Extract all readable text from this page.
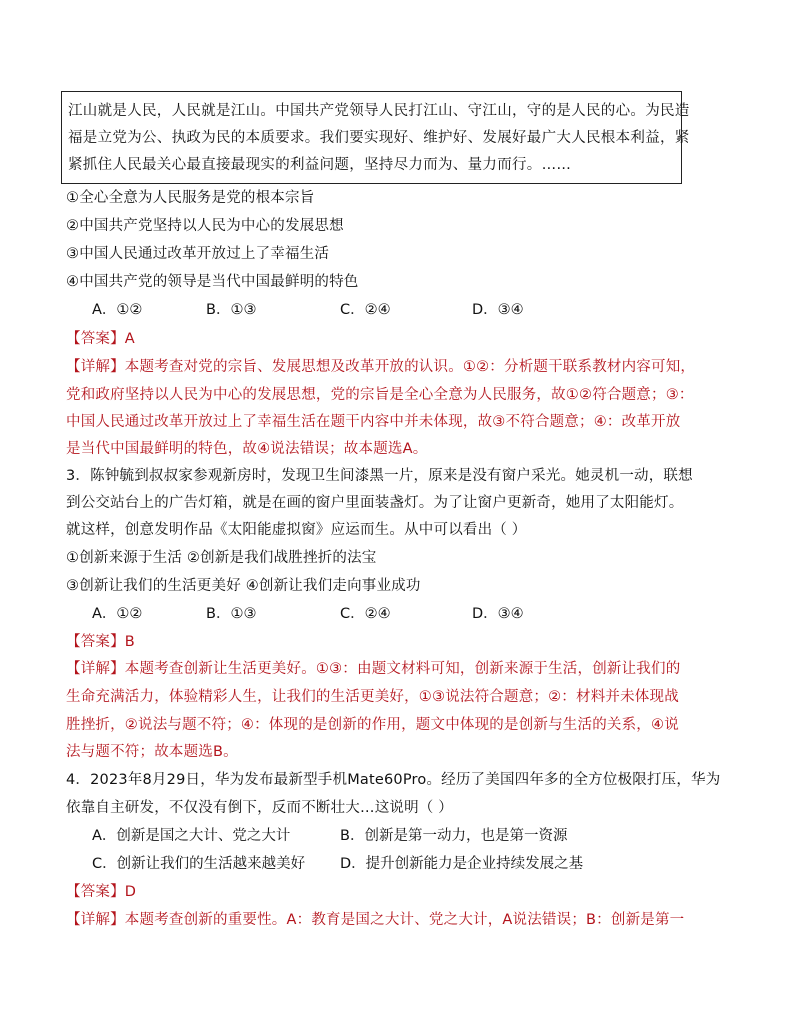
江山就是人民，人民就是江山。中国共产党领导人民打江山、守江山，守的是人民的心。为民造
福是立党为公、执政为民的本质要求。我们要实现好、维护好、发展好最广大人民根本利益，紧
紧抓住人民最关心最直接最现实的利益问题，坚持尽力而为、量力而行。……
①全心全意为人民服务是党的根本宗旨
②中国共产党坚持以人民为中心的发展思想
③中国人民通过改革开放过上了幸福生活
④中国共产党的领导是当代中国最鲜明的特色
A．①②	B．①③	C．②④	D．③④
【答案】A
【详解】本题考查对党的宗旨、发展思想及改革开放的认识。①②：分析题干联系教材内容可知，
党和政府坚持以人民为中心的发展思想，党的宗旨是全心全意为人民服务，故①②符合题意；③：
中国人民通过改革开放过上了幸福生活在题干内容中并未体现，故③不符合题意；④：改革开放
是当代中国最鲜明的特色，故④说法错误；故本题选A。
3．陈钟毓到叔叔家参观新房时，发现卫生间漆黑一片，原来是没有窗户采光。她灵机一动，联想
到公交站台上的广告灯箱，就是在画的窗户里面装盏灯。为了让窗户更新奇，她用了太阳能灯。
就这样，创意发明作品《太阳能虚拟窗》应运而生。从中可以看出（ ）
①创新来源于生活 ②创新是我们战胜挫折的法宝
③创新让我们的生活更美好 ④创新让我们走向事业成功
A．①②	B．①③	C．②④	D．③④
【答案】B
【详解】本题考查创新让生活更美好。①③：由题文材料可知，创新来源于生活，创新让我们的
生命充满活力，体验精彩人生，让我们的生活更美好，①③说法符合题意；②：材料并未体现战
胜挫折，②说法与题不符；④：体现的是创新的作用，题文中体现的是创新与生活的关系，④说
法与题不符；故本题选B。
4．2023年8月29日，华为发布最新型手机Mate60Pro。经历了美国四年多的全方位极限打压，华为
依靠自主研发，不仅没有倒下，反而不断壮大…这说明（ ）
A．创新是国之大计、党之大计	B．创新是第一动力，也是第一资源
C．创新让我们的生活越来越美好 D．提升创新能力是企业持续发展之基
【答案】D
【详解】本题考查创新的重要性。A：教育是国之大计、党之大计，A说法错误；B：创新是第一
